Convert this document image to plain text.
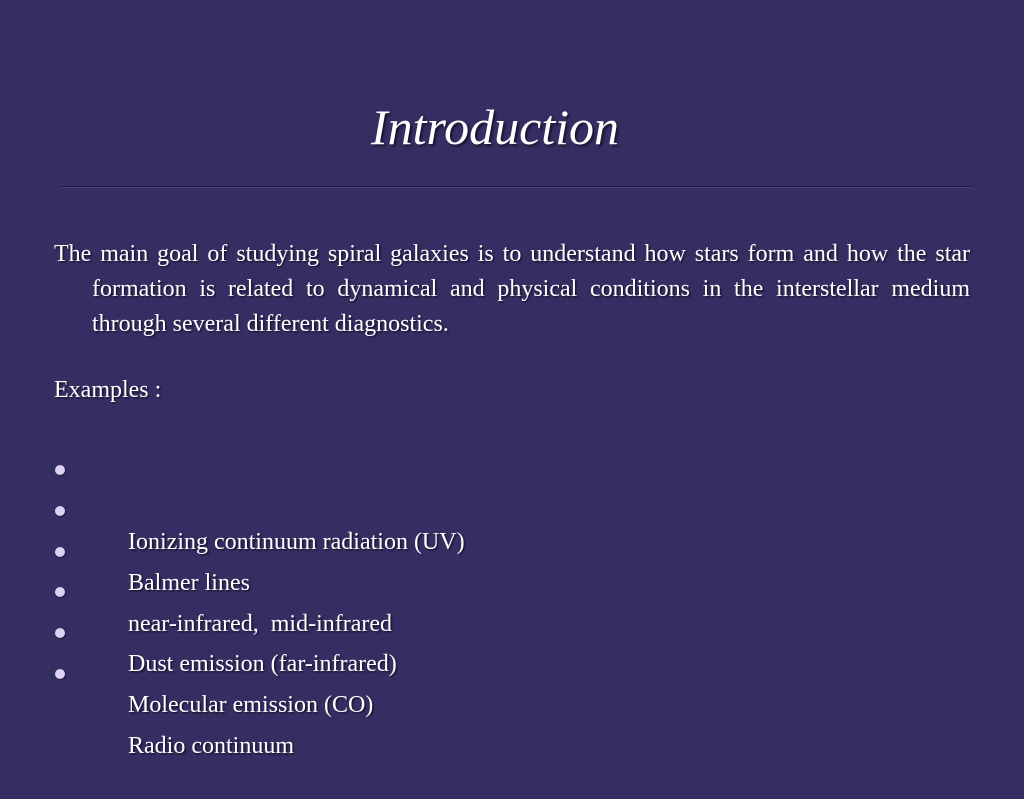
Introduction

The main goal of studying spiral galaxies is to understand how stars form and how the star formation is related to dynamical and physical conditions in the interstellar medium through several different diagnostics.

Examples :

Ionizing continuum radiation (UV)

Balmer lines

near-infrared,  mid-infrared

Dust emission (far-infrared)

Molecular emission (CO)

Radio continuum
